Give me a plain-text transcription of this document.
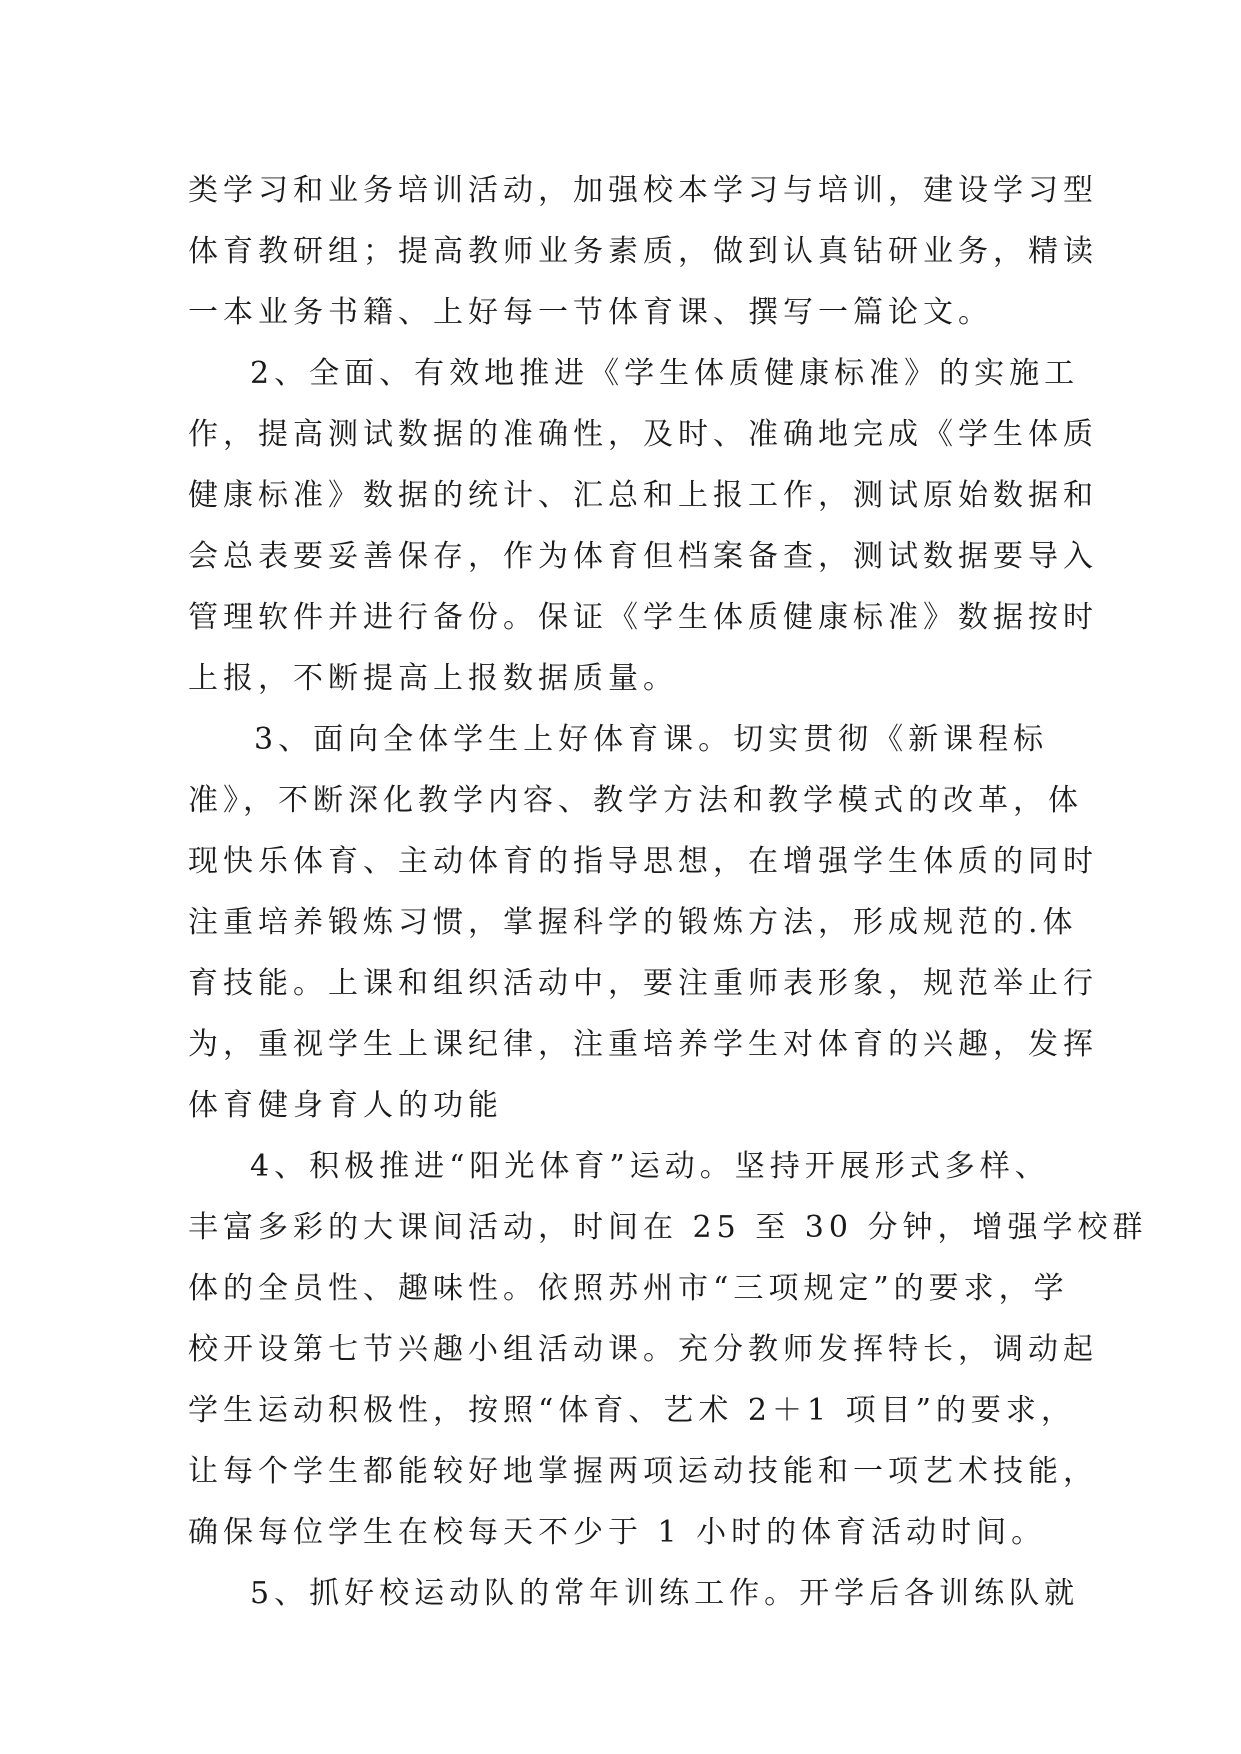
类学习和业务培训活动，加强校本学习与培训，建设学习型
体育教研组；提高教师业务素质，做到认真钻研业务，精读
一本业务书籍、上好每一节体育课、撰写一篇论文。
2、全面、有效地推进《学生体质健康标准》的实施工
作，提高测试数据的准确性，及时、准确地完成《学生体质
健康标准》数据的统计、汇总和上报工作，测试原始数据和
会总表要妥善保存，作为体育但档案备查，测试数据要导入
管理软件并进行备份。保证《学生体质健康标准》数据按时
上报，不断提高上报数据质量。
3、面向全体学生上好体育课。切实贯彻《新课程标
准》，不断深化教学内容、教学方法和教学模式的改革，体
现快乐体育、主动体育的指导思想，在增强学生体质的同时
注重培养锻炼习惯，掌握科学的锻炼方法，形成规范的.体
育技能。上课和组织活动中，要注重师表形象，规范举止行
为，重视学生上课纪律，注重培养学生对体育的兴趣，发挥
体育健身育人的功能
4、积极推进“阳光体育”运动。坚持开展形式多样、
丰富多彩的大课间活动，时间在 25 至 30 分钟，增强学校群
体的全员性、趣味性。依照苏州市“三项规定”的要求，学
校开设第七节兴趣小组活动课。充分教师发挥特长，调动起
学生运动积极性，按照“体育、艺术 2＋1 项目”的要求，
让每个学生都能较好地掌握两项运动技能和一项艺术技能，
确保每位学生在校每天不少于 1 小时的体育活动时间。
5、抓好校运动队的常年训练工作。开学后各训练队就
